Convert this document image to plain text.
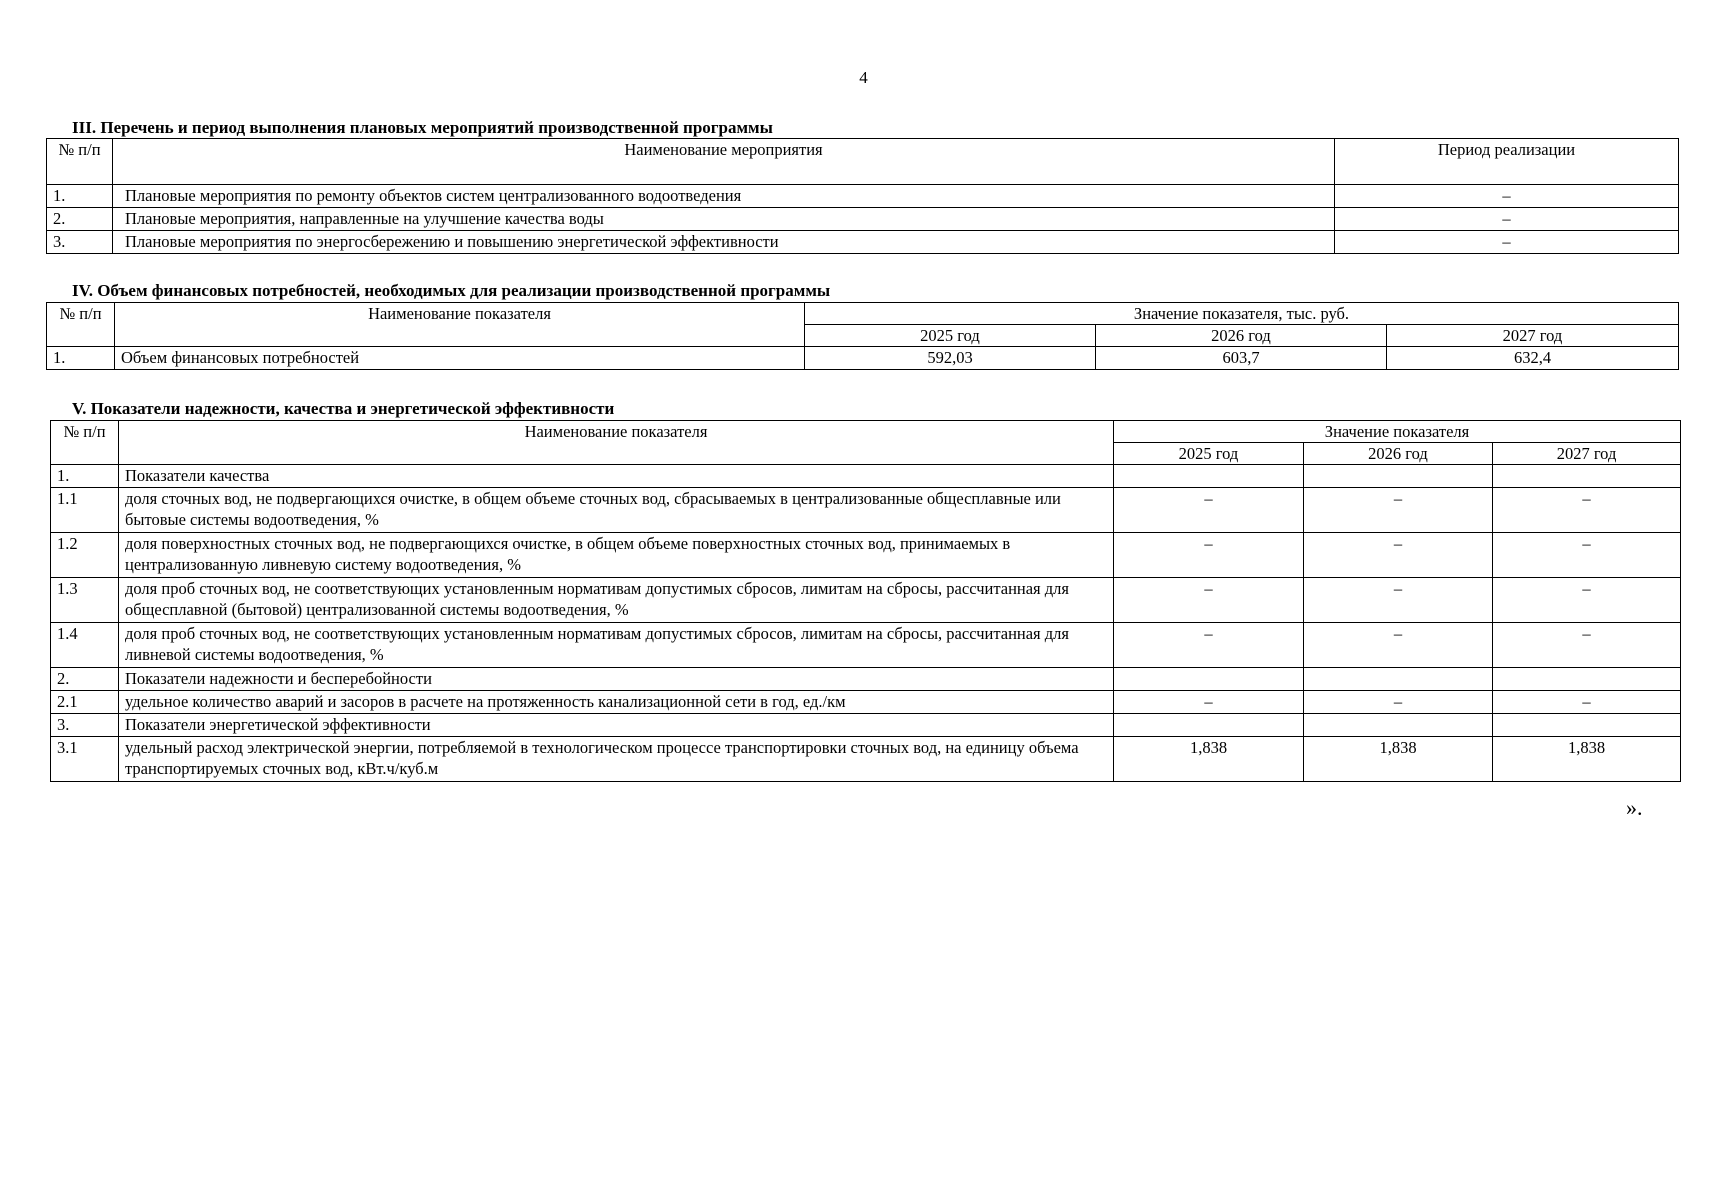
4
III. Перечень и период выполнения плановых мероприятий производственной программы
№ п/п	Наименование мероприятия	Период реализации
1.	Плановые мероприятия по ремонту объектов систем централизованного водоотведения	–
2.	Плановые мероприятия, направленные на улучшение качества воды	–
3.	Плановые мероприятия по энергосбережению и повышению энергетической эффективности	–
IV. Объем финансовых потребностей, необходимых для реализации производственной программы
№ п/п	Наименование показателя	Значение показателя, тыс. руб.		
		2025 год	2026 год	2027 год
1.	Объем финансовых потребностей	592,03	603,7	632,4
V. Показатели надежности, качества и энергетической эффективности
№ п/п	Наименование показателя	Значение показателя		
		2025 год	2026 год	2027 год
1.	Показатели качества			
1.1	доля сточных вод, не подвергающихся очистке, в общем объеме сточных вод, сбрасываемых в централизованные общесплавные или бытовые системы водоотведения, %	–	–	–
1.2	доля поверхностных сточных вод, не подвергающихся очистке, в общем объеме поверхностных сточных вод, принимаемых в централизованную ливневую систему водоотведения, %	–	–	–
1.3	доля проб сточных вод, не соответствующих установленным нормативам допустимых сбросов, лимитам на сбросы, рассчитанная для общесплавной (бытовой) централизованной системы водоотведения, %	–	–	–
1.4	доля проб сточных вод, не соответствующих установленным нормативам допустимых сбросов, лимитам на сбросы, рассчитанная для ливневой системы водоотведения, %	–	–	–
2.	Показатели надежности и бесперебойности			
2.1	удельное количество аварий и засоров в расчете на протяженность канализационной сети в год, ед./км	–	–	–
3.	Показатели энергетической эффективности			
3.1	удельный расход электрической энергии, потребляемой в технологическом процессе транспортировки сточных вод, на единицу объема транспортируемых сточных вод, кВт.ч/куб.м	1,838	1,838	1,838
».
